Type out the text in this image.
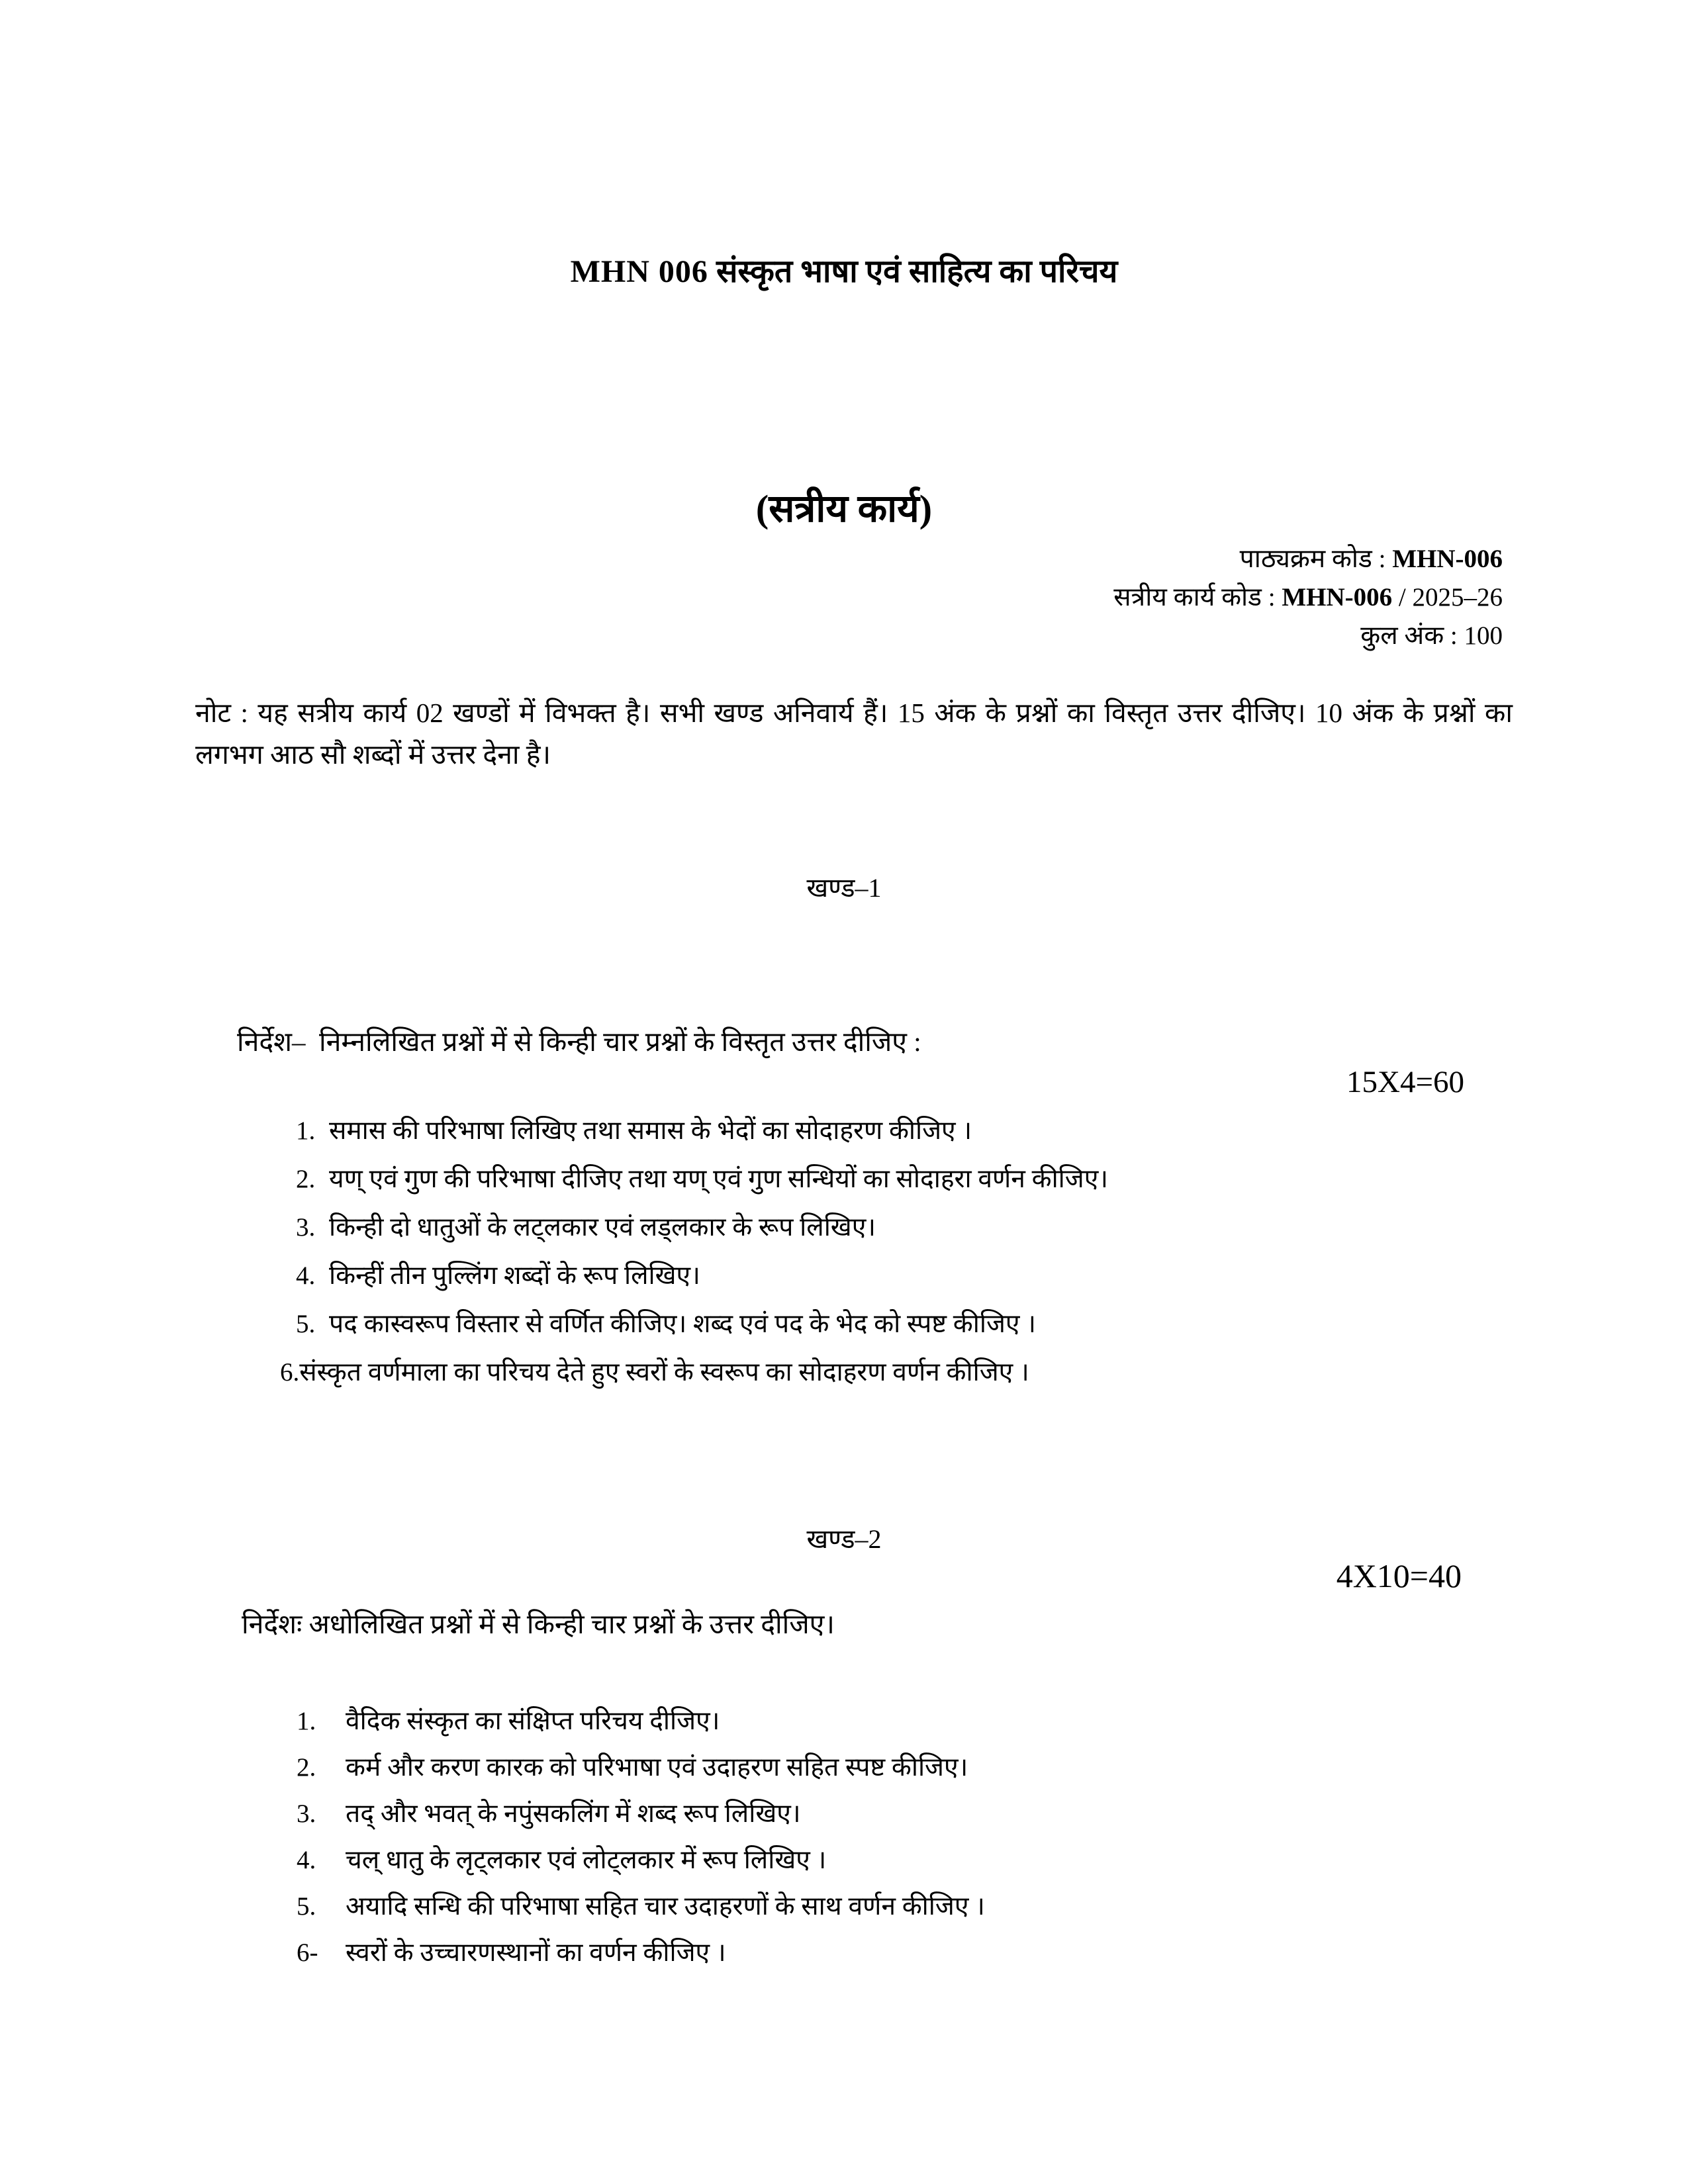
MHN 006 संस्कृत भाषा एवं साहित्य का परिचय
(सत्रीय कार्य)
पाठ्यक्रम कोड : MHN-006
सत्रीय कार्य कोड : MHN-006 / 2025–26
कुल अंक : 100

नोट : यह सत्रीय कार्य 02 खण्डों में विभक्त है। सभी खण्ड अनिवार्य हैं। 15 अंक के प्रश्नों का विस्तृत उत्तर दीजिए। 10 अंक के प्रश्नों का लगभग आठ सौ शब्दों में उत्तर देना है।

खण्ड–1
निर्देश–  निम्नलिखित प्रश्नों में से किन्ही चार प्रश्नों के विस्तृत उत्तर दीजिए :
15X4=60
1. समास की परिभाषा लिखिए तथा समास के भेदों का सोदाहरण कीजिए ।
2. यण् एवं गुण की परिभाषा दीजिए तथा यण् एवं गुण सन्धियों का सोदाहरा वर्णन कीजिए।
3. किन्ही दो धातुओं के लट्लकार एवं लड्लकार के रूप लिखिए।
4. किन्हीं तीन पुल्लिंग शब्दों के रूप लिखिए।
5. पद कास्वरूप विस्तार से वर्णित कीजिए। शब्द एवं पद के भेद को स्पष्ट कीजिए ।
6. संस्कृत वर्णमाला का परिचय देते हुए स्वरों के स्वरूप का सोदाहरण वर्णन कीजिए ।
खण्ड–2
4X10=40
निर्देशः अधोलिखित प्रश्नों में से किन्ही चार प्रश्नों के उत्तर दीजिए।
1.	वैदिक संस्कृत का संक्षिप्त परिचय दीजिए।
2.	कर्म और करण कारक को परिभाषा एवं उदाहरण सहित स्पष्ट कीजिए।
3.	तद् और भवत् के नपुंसकलिंग में शब्द रूप लिखिए।
4.	चल् धातु के लृट्लकार एवं लोट्लकार में रूप लिखिए ।
5.	अयादि सन्धि की परिभाषा सहित चार उदाहरणों के साथ वर्णन कीजिए ।
6-	स्वरों के उच्चारणस्थानों का वर्णन कीजिए ।
